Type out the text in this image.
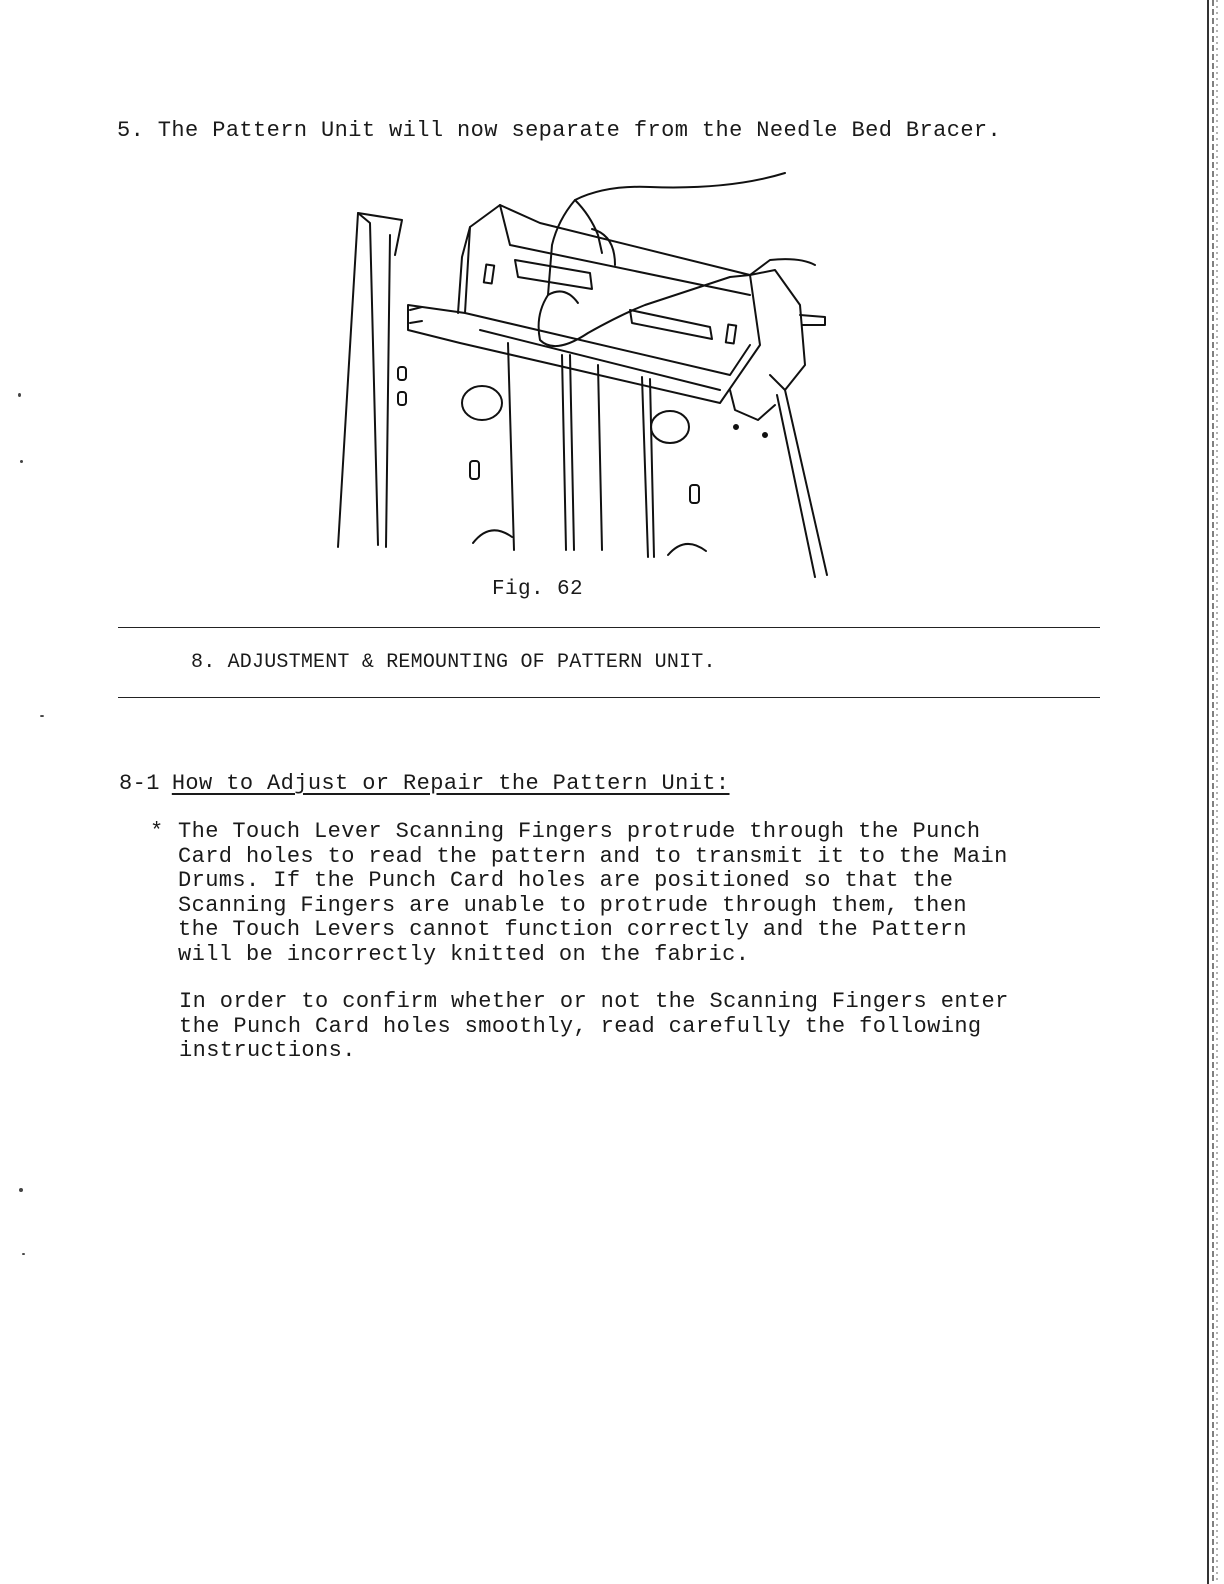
5. The Pattern Unit will now separate from the Needle Bed Bracer.
Fig. 62
8. ADJUSTMENT & REMOUNTING OF PATTERN UNIT.
8-1 How to Adjust or Repair the Pattern Unit:
* The Touch Lever Scanning Fingers protrude through the Punch
Card holes to read the pattern and to transmit it to the Main
Drums. If the Punch Card holes are positioned so that the
Scanning Fingers are unable to protrude through them, then
the Touch Levers cannot function correctly and the Pattern
will be incorrectly knitted on the fabric.
In order to confirm whether or not the Scanning Fingers enter
the Punch Card holes smoothly, read carefully the following
instructions.
